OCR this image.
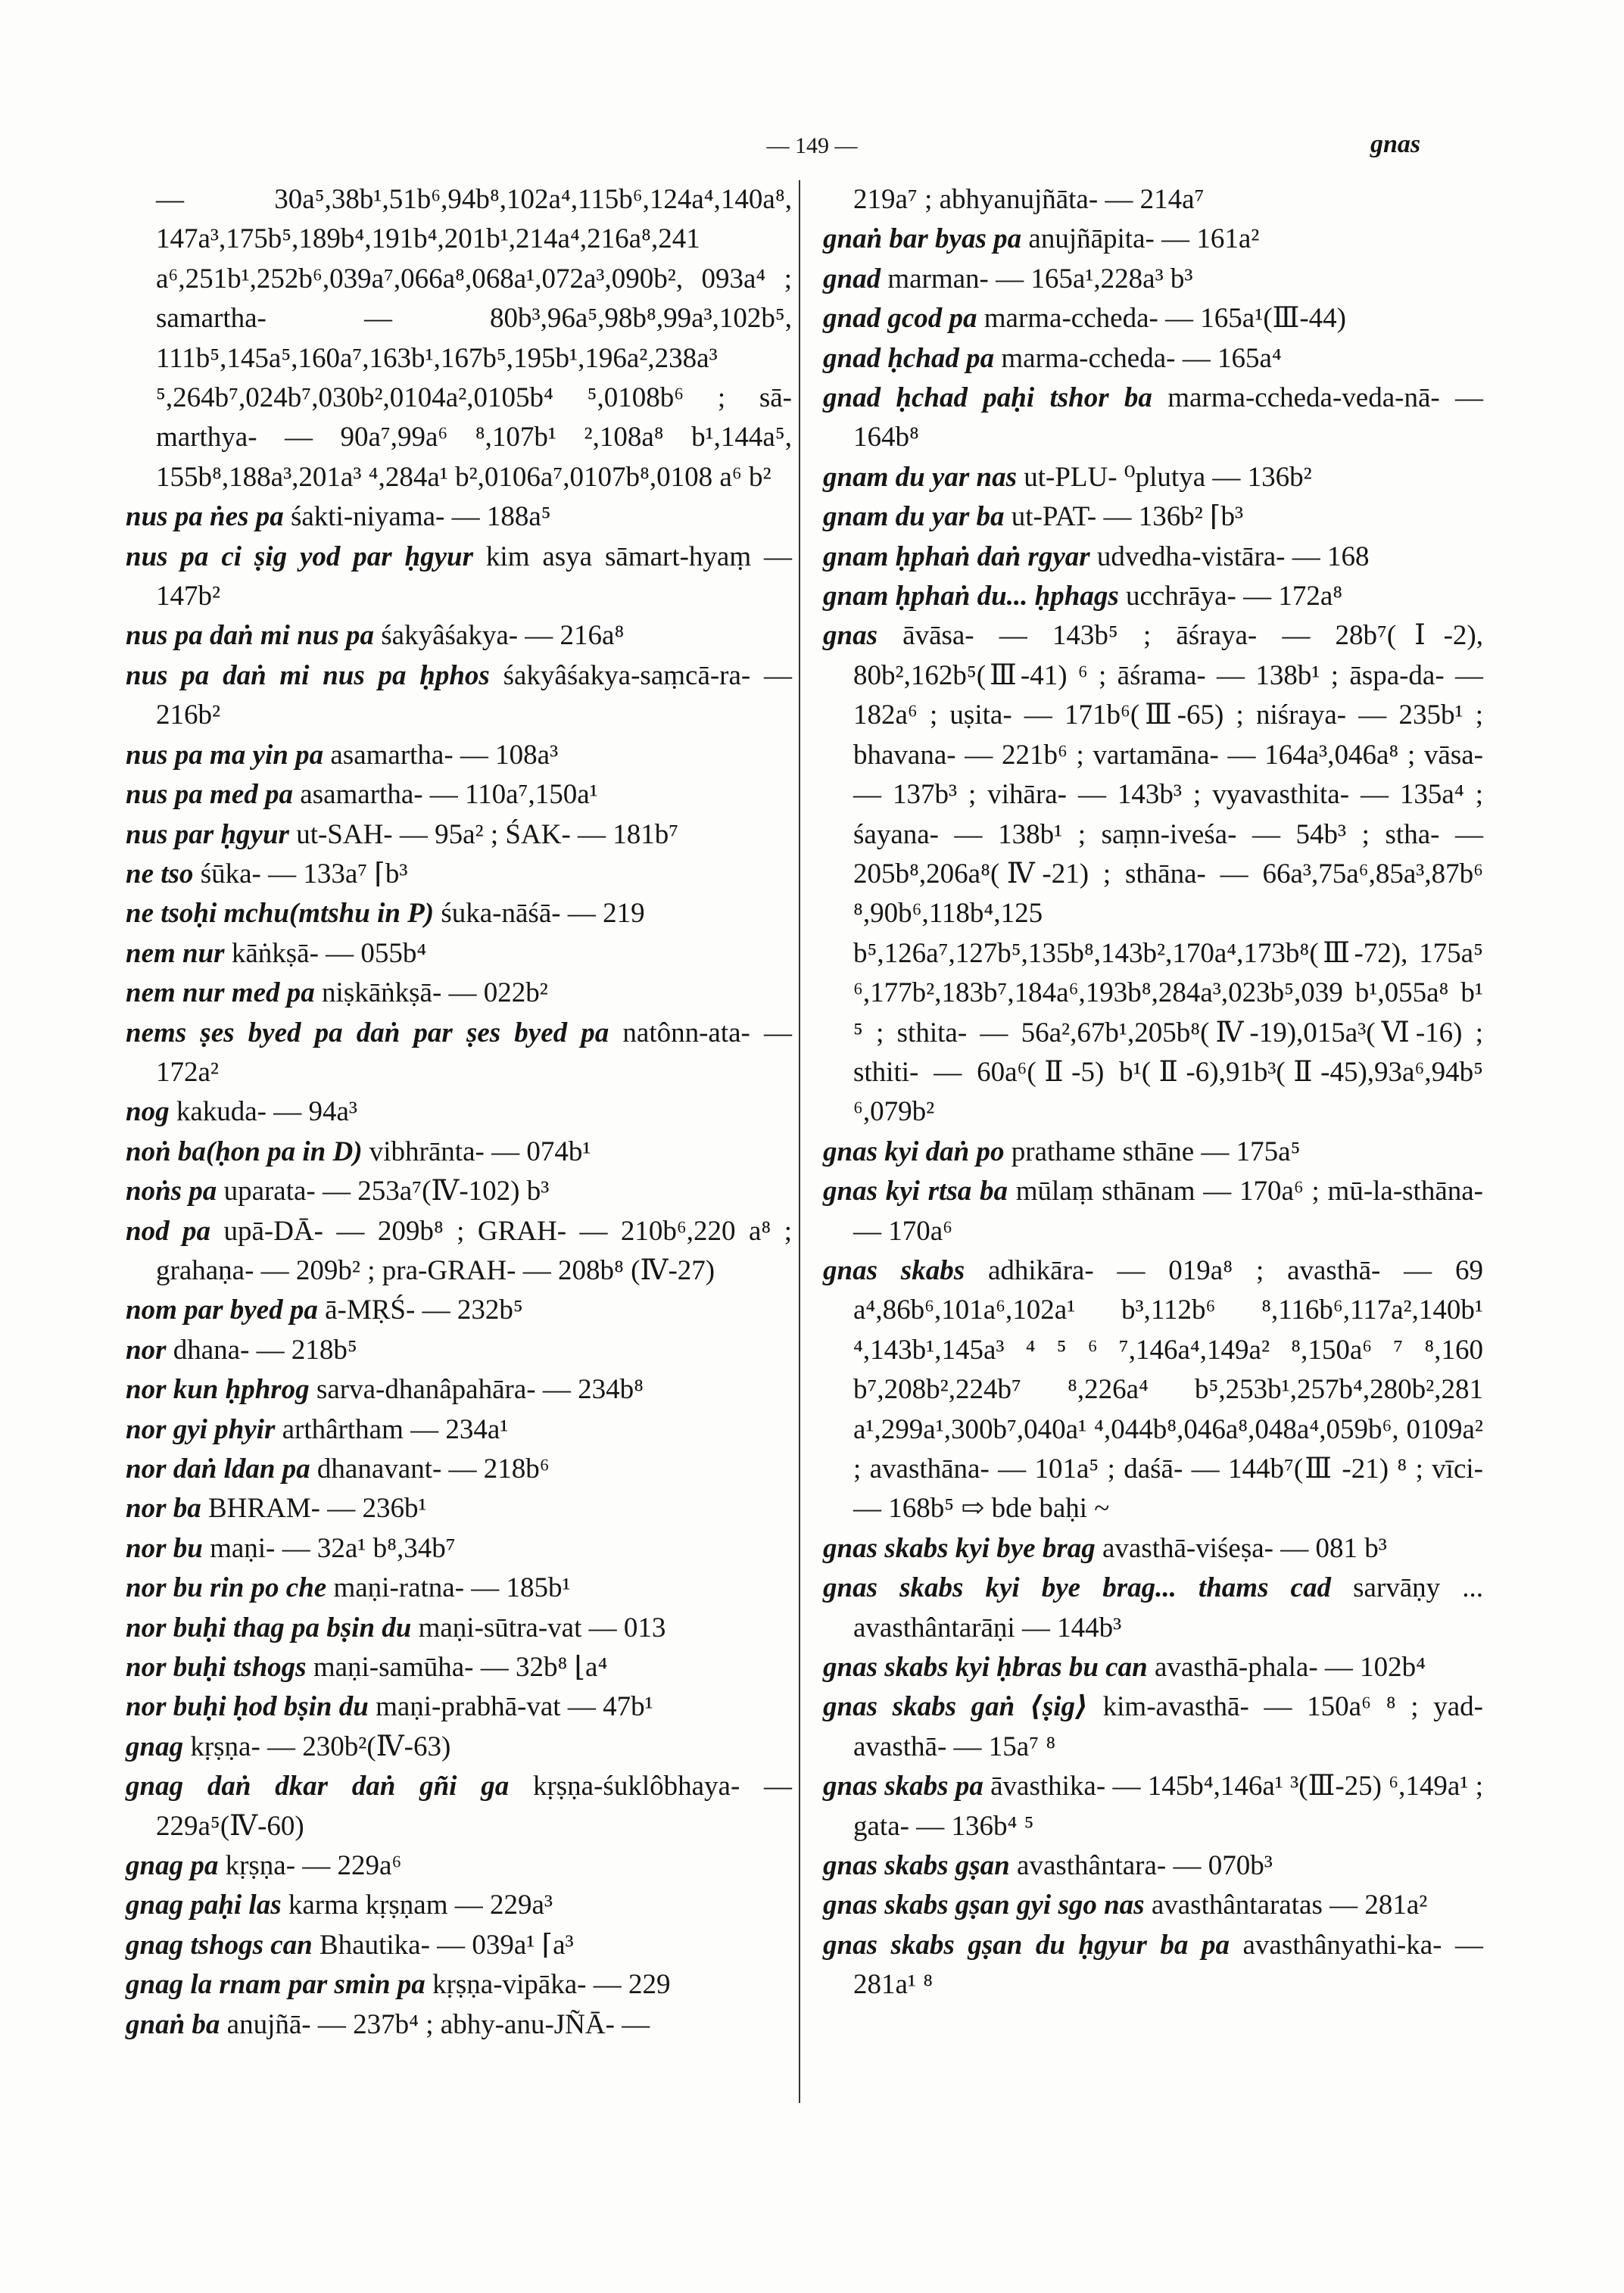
— 149 —	gnas

— 30a⁵,38b¹,51b⁶,94b⁸,102a⁴,115b⁶,124a⁴,140a⁸, 147a³,175b⁵,189b⁴,191b⁴,201b¹,214a⁴,216a⁸,241 a⁶,251b¹,252b⁶,039a⁷,066a⁸,068a¹,072a³,090b², 093a⁴ ; samartha- — 80b³,96a⁵,98b⁸,99a³,102b⁵, 111b⁵,145a⁵,160a⁷,163b¹,167b⁵,195b¹,196a²,238a³ ⁵,264b⁷,024b⁷,030b²,0104a²,0105b⁴ ⁵,0108b⁶ ; sā-marthya- — 90a⁷,99a⁶ ⁸,107b¹ ²,108a⁸ b¹,144a⁵, 155b⁸,188a³,201a³ ⁴,284a¹ b²,0106a⁷,0107b⁸,0108 a⁶ b²

nus pa ṅes pa śakti-niyama- — 188a⁵

nus pa ci ṣig yod par ḥgyur kim asya sāmart-hyaṃ — 147b²

nus pa daṅ mi nus pa śakyâśakya- — 216a⁸

nus pa daṅ mi nus pa ḥphos śakyâśakya-saṃcā-ra- — 216b²

nus pa ma yin pa asamartha- — 108a³

nus pa med pa asamartha- — 110a⁷,150a¹

nus par ḥgyur ut-SAH- — 95a² ; ŚAK- — 181b⁷

ne tso śūka- — 133a⁷ ⌈b³

ne tsoḥi mchu(mtshu in P) śuka-nāśā- — 219

nem nur kāṅkṣā- — 055b⁴

nem nur med pa niṣkāṅkṣā- — 022b²

nems ṣes byed pa daṅ par ṣes byed pa natônn-ata- — 172a²

nog kakuda- — 94a³

noṅ ba(ḥon pa in D) vibhrānta- — 074b¹

noṅs pa uparata- — 253a⁷(Ⅳ-102) b³

nod pa upā-DĀ- — 209b⁸ ; GRAH- — 210b⁶,220 a⁸ ; grahaṇa- — 209b² ; pra-GRAH- — 208b⁸ (Ⅳ-27)

nom par byed pa ā-MṚŚ- — 232b⁵

nor dhana- — 218b⁵

nor kun ḥphrog sarva-dhanâpahāra- — 234b⁸

nor gyi phyir arthârtham — 234a¹

nor daṅ ldan pa dhanavant- — 218b⁶

nor ba BHRAM- — 236b¹

nor bu maṇi- — 32a¹ b⁸,34b⁷

nor bu rin po che maṇi-ratna- — 185b¹

nor buḥi thag pa bṣin du maṇi-sūtra-vat — 013

nor buḥi tshogs maṇi-samūha- — 32b⁸ ⌊a⁴

nor buḥi ḥod bṣin du maṇi-prabhā-vat — 47b¹

gnag kṛṣṇa- — 230b²(Ⅳ-63)

gnag daṅ dkar daṅ gñi ga kṛṣṇa-śuklôbhaya- — 229a⁵(Ⅳ-60)

gnag pa kṛṣṇa- — 229a⁶

gnag paḥi las karma kṛṣṇam — 229a³

gnag tshogs can Bhautika- — 039a¹ ⌈a³

gnag la rnam par smin pa kṛṣṇa-vipāka- — 229

gnaṅ ba anujñā- — 237b⁴ ; abhy-anu-JÑĀ- —

219a⁷ ; abhyanujñāta- — 214a⁷

gnaṅ bar byas pa anujñāpita- — 161a²

gnad marman- — 165a¹,228a³ b³

gnad gcod pa marma-ccheda- — 165a¹(Ⅲ-44)

gnad ḥchad pa marma-ccheda- — 165a⁴

gnad ḥchad paḥi tshor ba marma-ccheda-veda-nā- — 164b⁸

gnam du yar nas ut-PLU- ⁰plutya — 136b²

gnam du yar ba ut-PAT- — 136b² ⌈b³

gnam ḥphaṅ daṅ rgyar udvedha-vistāra- — 168

gnam ḥphaṅ du... ḥphags ucchrāya- — 172a⁸

gnas āvāsa- — 143b⁵ ; āśraya- — 28b⁷(Ⅰ-2), 80b²,162b⁵(Ⅲ-41) ⁶ ; āśrama- — 138b¹ ; āspa-da- — 182a⁶ ; uṣita- — 171b⁶(Ⅲ-65) ; niśraya- — 235b¹ ; bhavana- — 221b⁶ ; vartamāna- — 164a³,046a⁸ ; vāsa- — 137b³ ; vihāra- — 143b³ ; vyavasthita- — 135a⁴ ; śayana- — 138b¹ ; saṃn-iveśa- — 54b³ ; stha- — 205b⁸,206a⁸(Ⅳ-21) ; sthāna- — 66a³,75a⁶,85a³,87b⁶ ⁸,90b⁶,118b⁴,125 b⁵,126a⁷,127b⁵,135b⁸,143b²,170a⁴,173b⁸(Ⅲ-72), 175a⁵ ⁶,177b²,183b⁷,184a⁶,193b⁸,284a³,023b⁵,039 b¹,055a⁸ b¹ ⁵ ; sthita- — 56a²,67b¹,205b⁸(Ⅳ-19),015a³(Ⅵ-16) ; sthiti- — 60a⁶(Ⅱ-5) b¹(Ⅱ-6),91b³(Ⅱ-45),93a⁶,94b⁵ ⁶,079b²

gnas kyi daṅ po prathame sthāne — 175a⁵

gnas kyi rtsa ba mūlaṃ sthānam — 170a⁶ ; mū-la-sthāna- — 170a⁶

gnas skabs adhikāra- — 019a⁸ ; avasthā- — 69 a⁴,86b⁶,101a⁶,102a¹ b³,112b⁶ ⁸,116b⁶,117a²,140b¹ ⁴,143b¹,145a³ ⁴ ⁵ ⁶ ⁷,146a⁴,149a² ⁸,150a⁶ ⁷ ⁸,160 b⁷,208b²,224b⁷ ⁸,226a⁴ b⁵,253b¹,257b⁴,280b²,281 a¹,299a¹,300b⁷,040a¹ ⁴,044b⁸,046a⁸,048a⁴,059b⁶, 0109a² ; avasthāna- — 101a⁵ ; daśā- — 144b⁷(Ⅲ -21) ⁸ ; vīci- — 168b⁵ ⇨ bde baḥi ~

gnas skabs kyi bye brag avasthā-viśeṣa- — 081 b³

gnas skabs kyi bye brag... thams cad sarvāṇy ... avasthântarāṇi — 144b³

gnas skabs kyi ḥbras bu can avasthā-phala- — 102b⁴

gnas skabs gaṅ ⟨ṣig⟩ kim-avasthā- — 150a⁶ ⁸ ; yad-avasthā- — 15a⁷ ⁸

gnas skabs pa āvasthika- — 145b⁴,146a¹ ³(Ⅲ-25) ⁶,149a¹ ; gata- — 136b⁴ ⁵

gnas skabs gṣan avasthântara- — 070b³

gnas skabs gṣan gyi sgo nas avasthântaratas — 281a²

gnas skabs gṣan du ḥgyur ba pa avasthânyathi-ka- — 281a¹ ⁸
